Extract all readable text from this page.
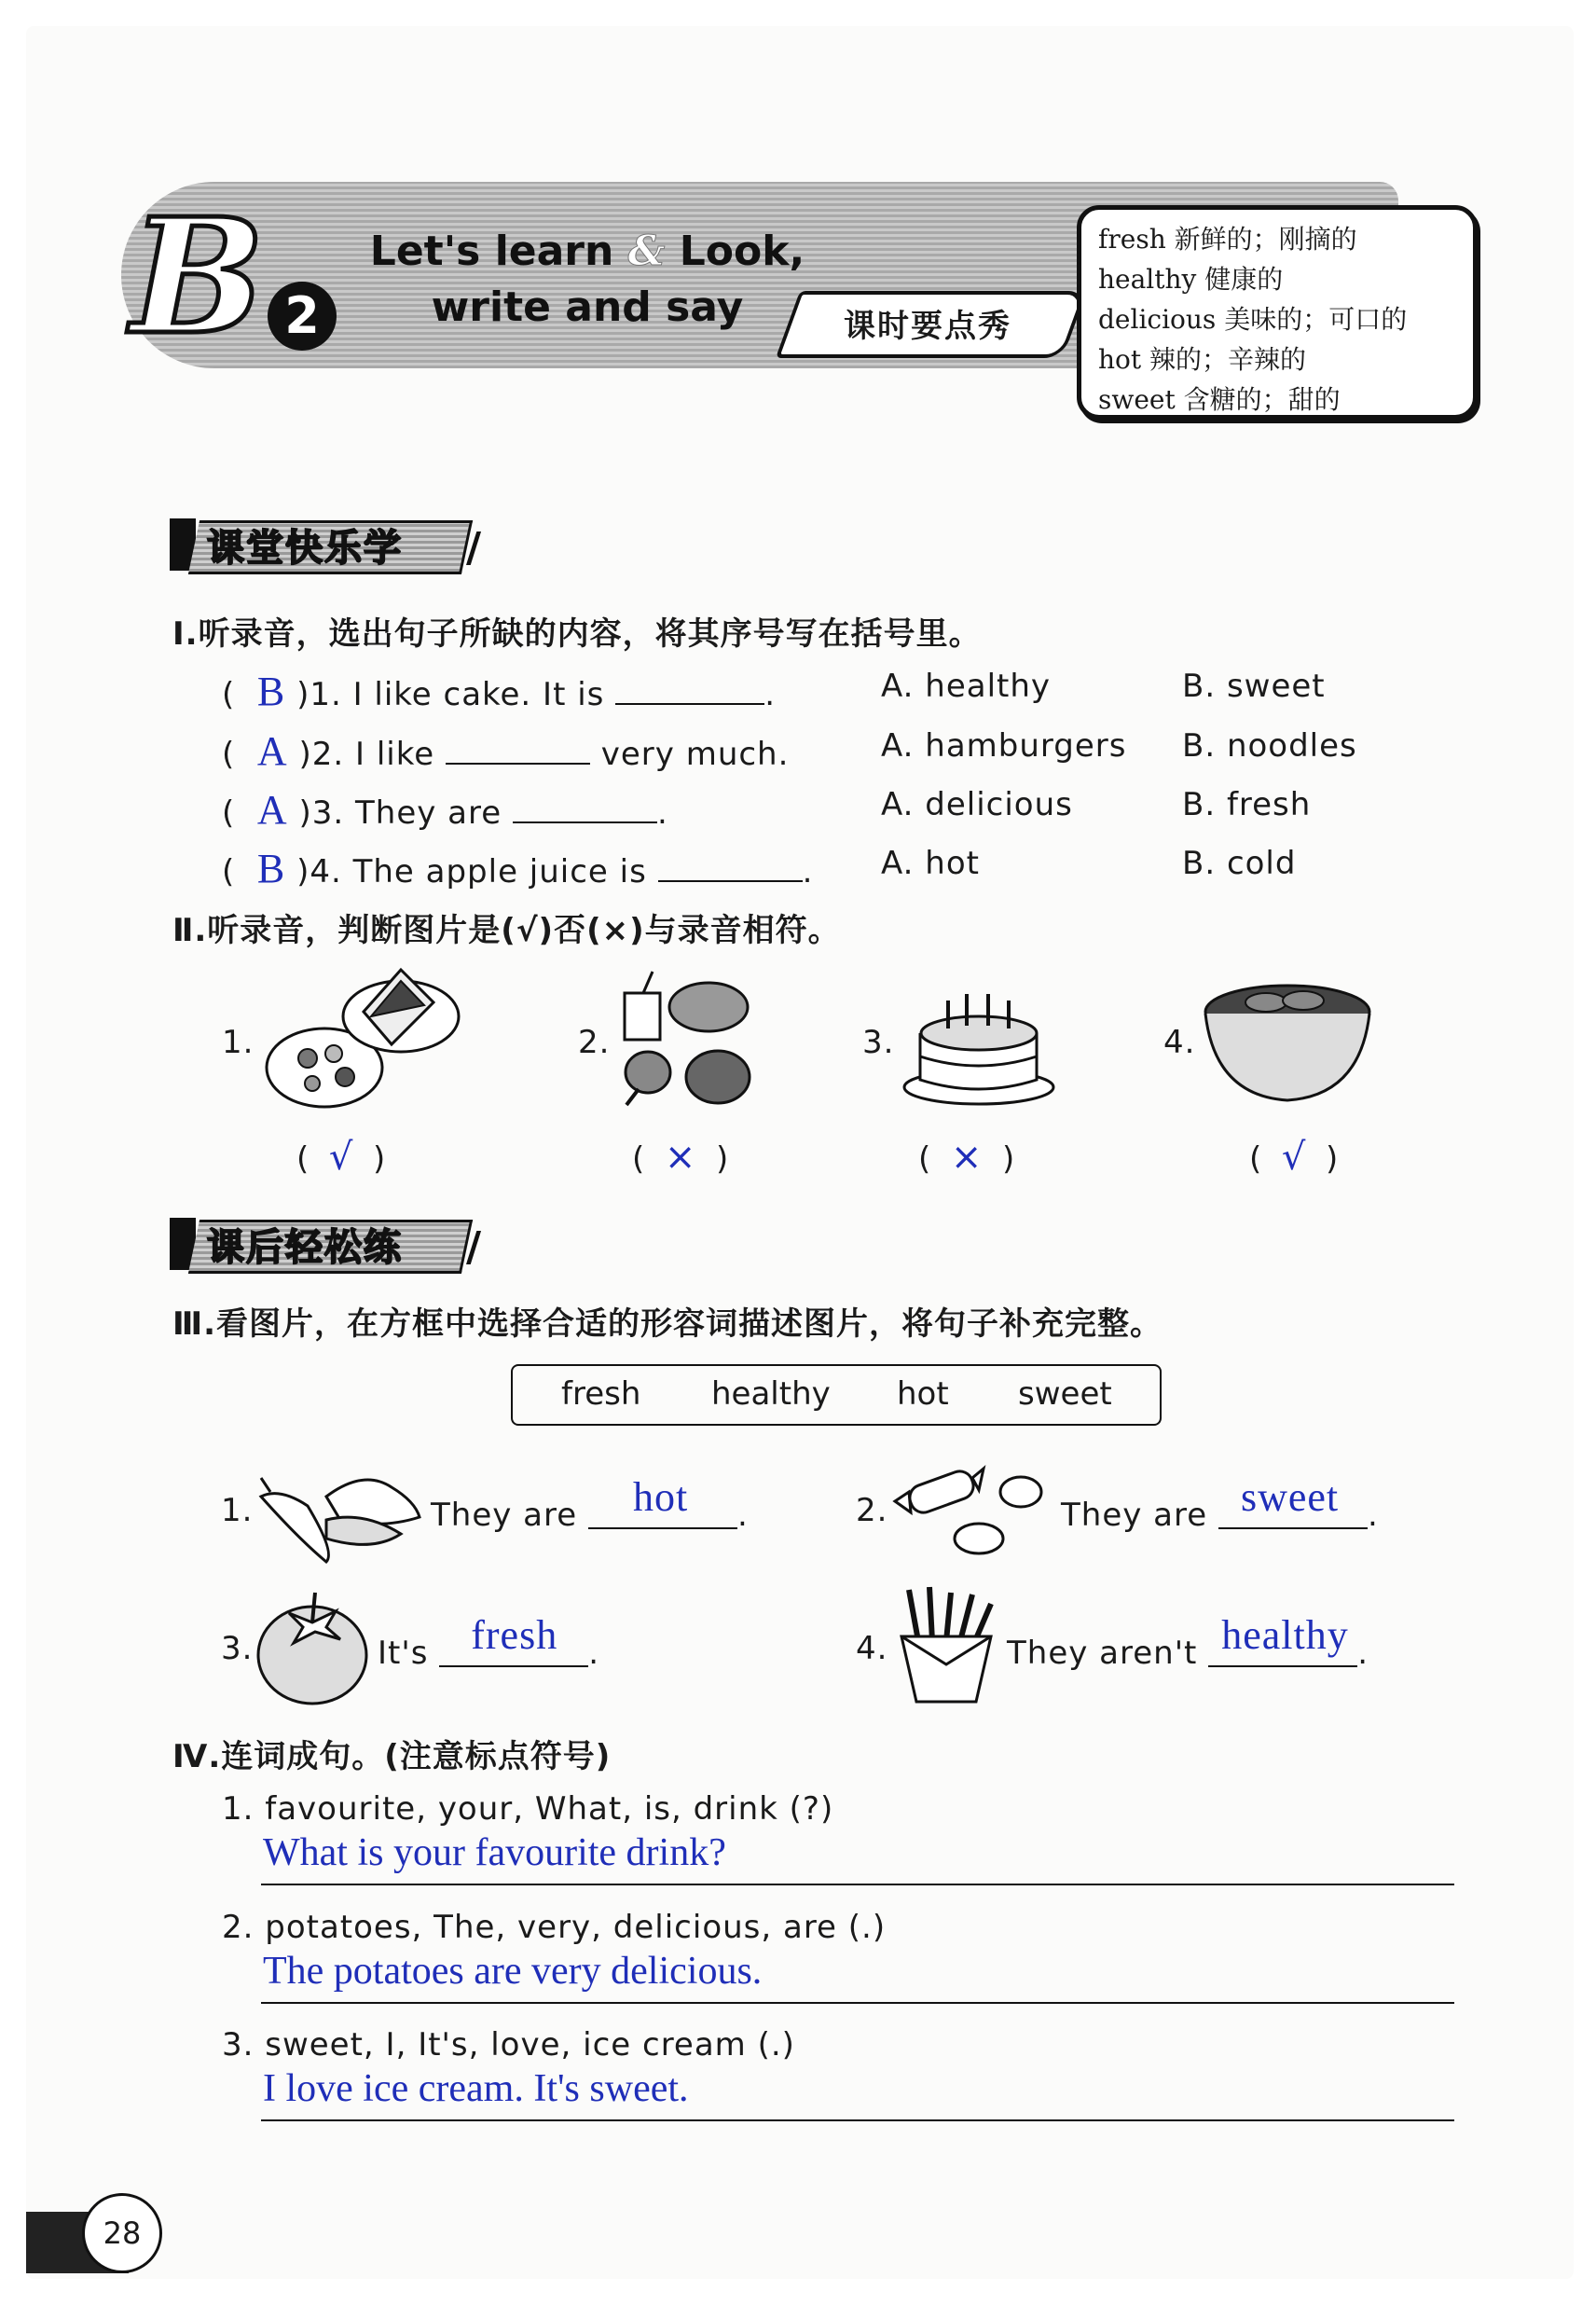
B 2
Let's learn & Look,
write and say	课时要点秀
fresh 新鲜的；刚摘的
healthy 健康的
delicious 美味的；可口的
hot 辣的；辛辣的
sweet 含糖的；甜的
课堂快乐学 /
Ⅰ.听录音，选出句子所缺的内容，将其序号写在括号里。
(  B )1. I like cake. It is	.	A. healthy	B. sweet
(  A )2. I like	very much.	A. hamburgers B. noodles
(  A )3. They are	.	A. delicious	B. fresh
(  B )4. The apple juice is	. A. hot	B. cold
Ⅱ.听录音，判断图片是(√)否(×)与录音相符。
1.
(  √  )
2.
(  ×  )
3.
(  ×  )
4.
(  √  )
课后轻松练 /
Ⅲ.看图片，在方框中选择合适的形容词描述图片，将句子补充完整。
fresh healthy hot sweet
1.	They are hot .	2.	They are sweet .
3.	It's fresh .	4.	They aren't healthy .
Ⅳ.连词成句。(注意标点符号)
1. favourite, your, What, is, drink (?)
What is your favourite drink?
2. potatoes, The, very, delicious, are (.)
The potatoes are very delicious.
3. sweet, I, It's, love, ice cream (.)
I love ice cream. It's sweet.
28
